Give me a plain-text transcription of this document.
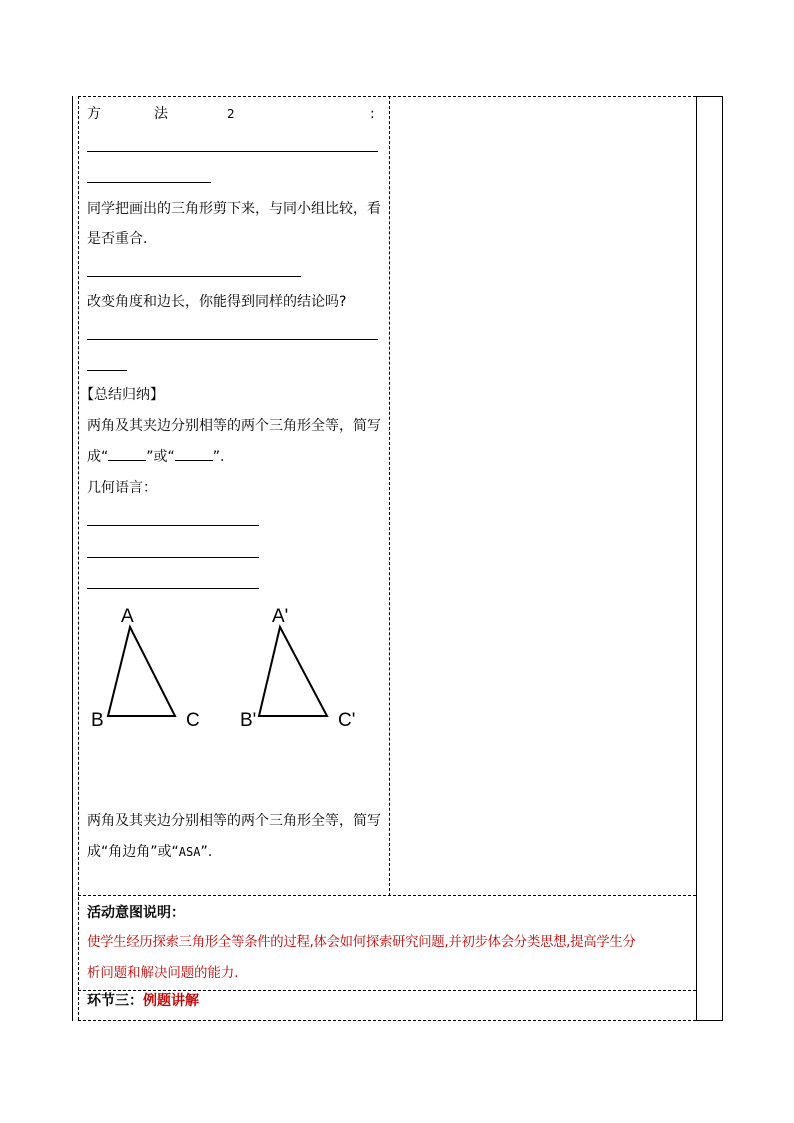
方	法	2	:
同学把画出的三角形剪下来，与同小组比较，看
是否重合.
改变角度和边长，你能得到同样的结论吗?
【总结归纳】
两角及其夹边分别相等的两个三角形全等，简写
成“	”或“	”.
几何语言：
A
B	C
A'
B'	C'
两角及其夹边分别相等的两个三角形全等，简写
成“角边角”或“ASA”.
活动意图说明：
使学生经历探索三角形全等条件的过程,体会如何探索研究问题,并初步体会分类思想,提高学生分
析问题和解决问题的能力.
环节三：例题讲解
